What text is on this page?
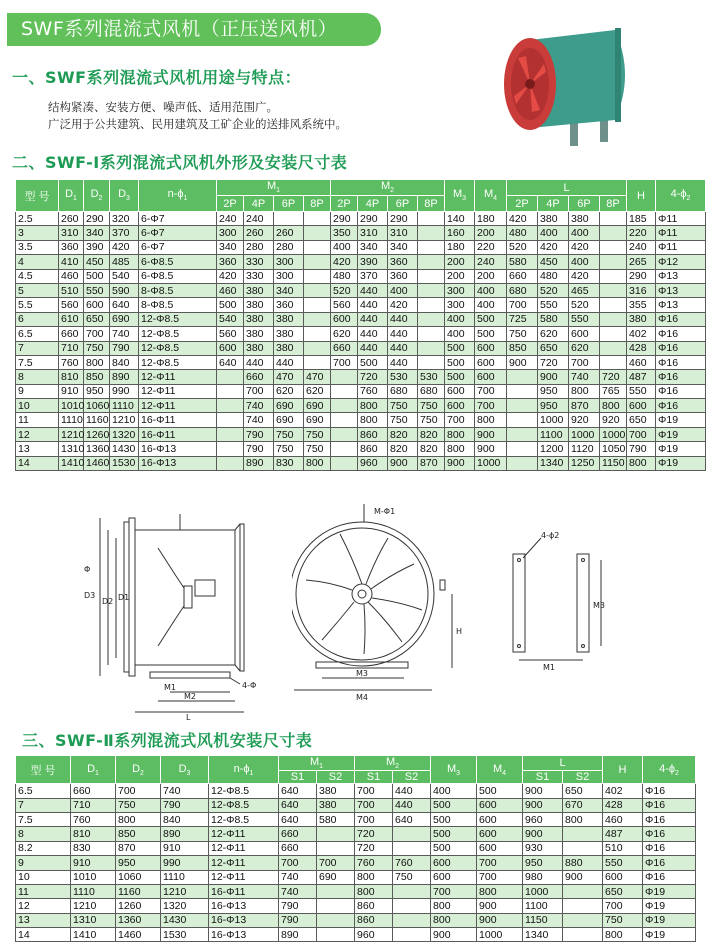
SWF系列混流式风机（正压送风机）
一、SWF系列混流式风机用途与特点：
结构紧凑、安装方便、噪声低、适用范围广。
广泛用于公共建筑、民用建筑及工矿企业的送排风系统中。
二、SWF-Ⅰ系列混流式风机外形及安装尺寸表
型 号	$D_1$	$D_2$	$D_3$	$n-\phi_1$	$M_1$				$M_2$				$M_3$	$M_4$	L				H	$4-\phi_2$
					2P	4P	6P	8P	2P	4P	6P	8P			2P	4P	6P	8P		
2.5	260	290	320	6-Φ7	240	240			290	290	290		140	180	420	380	380		185	Φ11
3	310	340	370	6-Φ7	300	260	260		350	310	310		160	200	480	400	400		220	Φ11
3.5	360	390	420	6-Φ7	340	280	280		400	340	340		180	220	520	420	420		240	Φ11
4	410	450	485	6-Φ8.5	360	330	300		420	390	360		200	240	580	450	400		265	Φ12
4.5	460	500	540	6-Φ8.5	420	330	300		480	370	360		200	200	660	480	420		290	Φ13
5	510	550	590	8-Φ8.5	460	380	340		520	440	400		300	400	680	520	465		316	Φ13
5.5	560	600	640	8-Φ8.5	500	380	360		560	440	420		300	400	700	550	520		355	Φ13
6	610	650	690	12-Φ8.5	540	380	380		600	440	440		400	500	725	580	550		380	Φ16
6.5	660	700	740	12-Φ8.5	560	380	380		620	440	440		400	500	750	620	600		402	Φ16
7	710	750	790	12-Φ8.5	600	380	380		660	440	440		500	600	850	650	620		428	Φ16
7.5	760	800	840	12-Φ8.5	640	440	440		700	500	440		500	600	900	720	700		460	Φ16
8	810	850	890	12-Φ11		660	470	470		720	530	530	500	600		900	740	720	487	Φ16
9	910	950	990	12-Φ11		700	620	620		760	680	680	600	700		950	800	765	550	Φ16
10	1010	1060	1110	12-Φ11		740	690	690		800	750	750	600	700		950	870	800	600	Φ16
11	1110	1160	1210	16-Φ11		740	690	690		800	750	750	700	800		1000	920	920	650	Φ19
12	1210	1260	1320	16-Φ11		790	750	750		860	820	820	800	900		1100	1000	1000	700	Φ19
13	1310	1360	1430	16-Φ13		790	750	750		860	820	820	800	900		1200	1120	1050	790	Φ19
14	1410	1460	1530	16-Φ13		890	830	800		960	900	870	900	1000		1340	1250	1150	800	Φ19
M1
M2
L
4-Φ
D3
D2 D1
Φ
M-Φ1
H
M3
M4
4-ϕ2
M1
M3
三、SWF-Ⅱ系列混流式风机安装尺寸表
型 号	$D_1$	$D_2$	$D_3$	$n-\phi_1$	$M_1$		$M_2$		$M_3$	$M_4$	L		H	$4-\phi_2$
					S1	S2	S1	S2			S1	S2		
6.5	660	700	740	12-Φ8.5	640	380	700	440	400	500	900	650	402	Φ16
7	710	750	790	12-Φ8.5	640	380	700	440	500	600	900	670	428	Φ16
7.5	760	800	840	12-Φ8.5	640	580	700	640	500	600	960	800	460	Φ16
8	810	850	890	12-Φ11	660		720		500	600	900		487	Φ16
8.2	830	870	910	12-Φ11	660		720		500	600	930		510	Φ16
9	910	950	990	12-Φ11	700	700	760	760	600	700	950	880	550	Φ16
10	1010	1060	1110	12-Φ11	740	690	800	750	600	700	980	900	600	Φ16
11	1110	1160	1210	16-Φ11	740		800		700	800	1000		650	Φ19
12	1210	1260	1320	16-Φ13	790		860		800	900	1100		700	Φ19
13	1310	1360	1430	16-Φ13	790		860		800	900	1150		750	Φ19
14	1410	1460	1530	16-Φ13	890		960		900	1000	1340		800	Φ19
